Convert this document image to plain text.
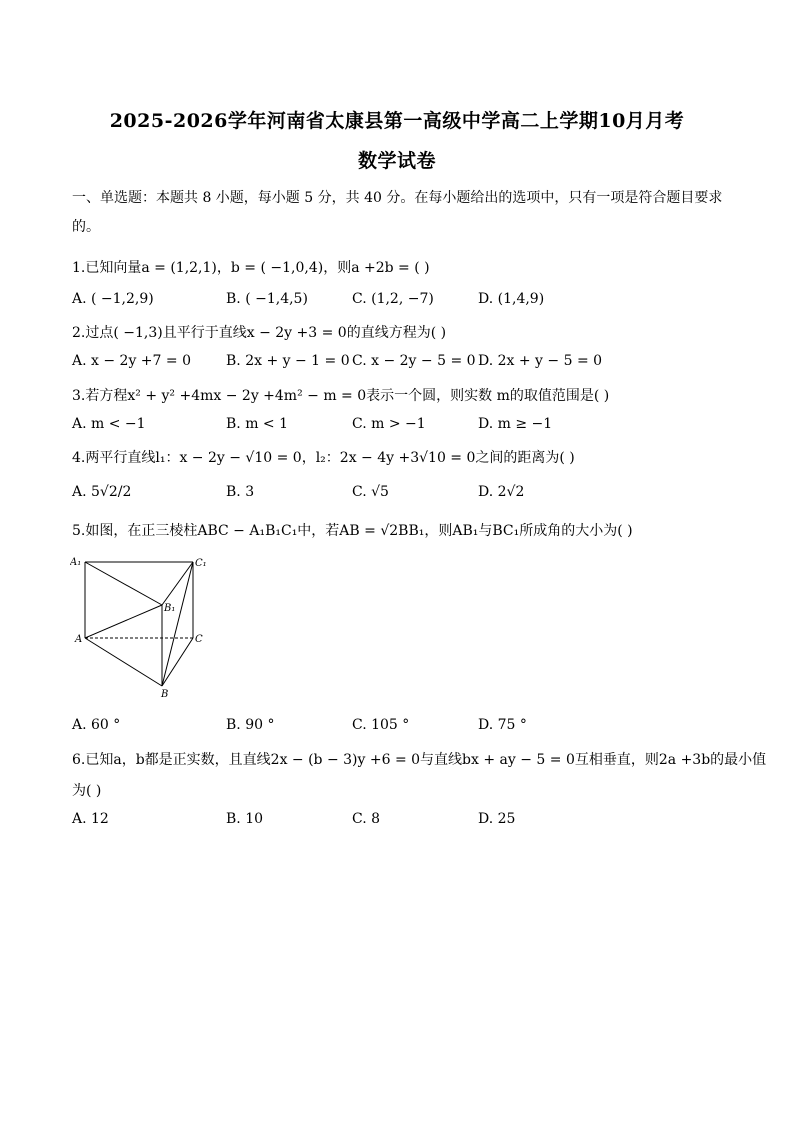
2025-2026学年河南省太康县第一高级中学高二上学期10月月考
数学试卷
一、单选题：本题共 8 小题，每小题 5 分，共 40 分。在每小题给出的选项中，只有一项是符合题目要求
的。
1.已知向量a = (1,2,1)，b = ( −1,0,4)，则a +2b = ( )
A. ( −1,2,9)	B. ( −1,4,5)	C. (1,2, −7)	D. (1,4,9)
2.过点( −1,3)且平行于直线x − 2y +3 = 0的直线方程为( )
A. x − 2y +7 = 0	B. 2x + y − 1 = 0 C. x − 2y − 5 = 0 D. 2x + y − 5 = 0
3.若方程x² + y² +4mx − 2y +4m² − m = 0表示一个圆，则实数 m的取值范围是( )
A. m < −1	B. m < 1	C. m > −1	D. m ≥ −1
4.两平行直线l₁：x − 2y − √10 = 0，l₂：2x − 4y +3√10 = 0之间的距离为( )
A. 5√2/2	B. 3	C. √5	D. 2√2
5.如图，在正三棱柱ABC − A₁B₁C₁中，若AB = √2BB₁，则AB₁与BC₁所成角的大小为( )
A₁	C₁
B₁
A	C
B
A. 60 °	B. 90 °	C. 105 °	D. 75 °
6.已知a，b都是正实数，且直线2x − (b − 3)y +6 = 0与直线bx + ay − 5 = 0互相垂直，则2a +3b的最小值
为( )
A. 12	B. 10	C. 8	D. 25
